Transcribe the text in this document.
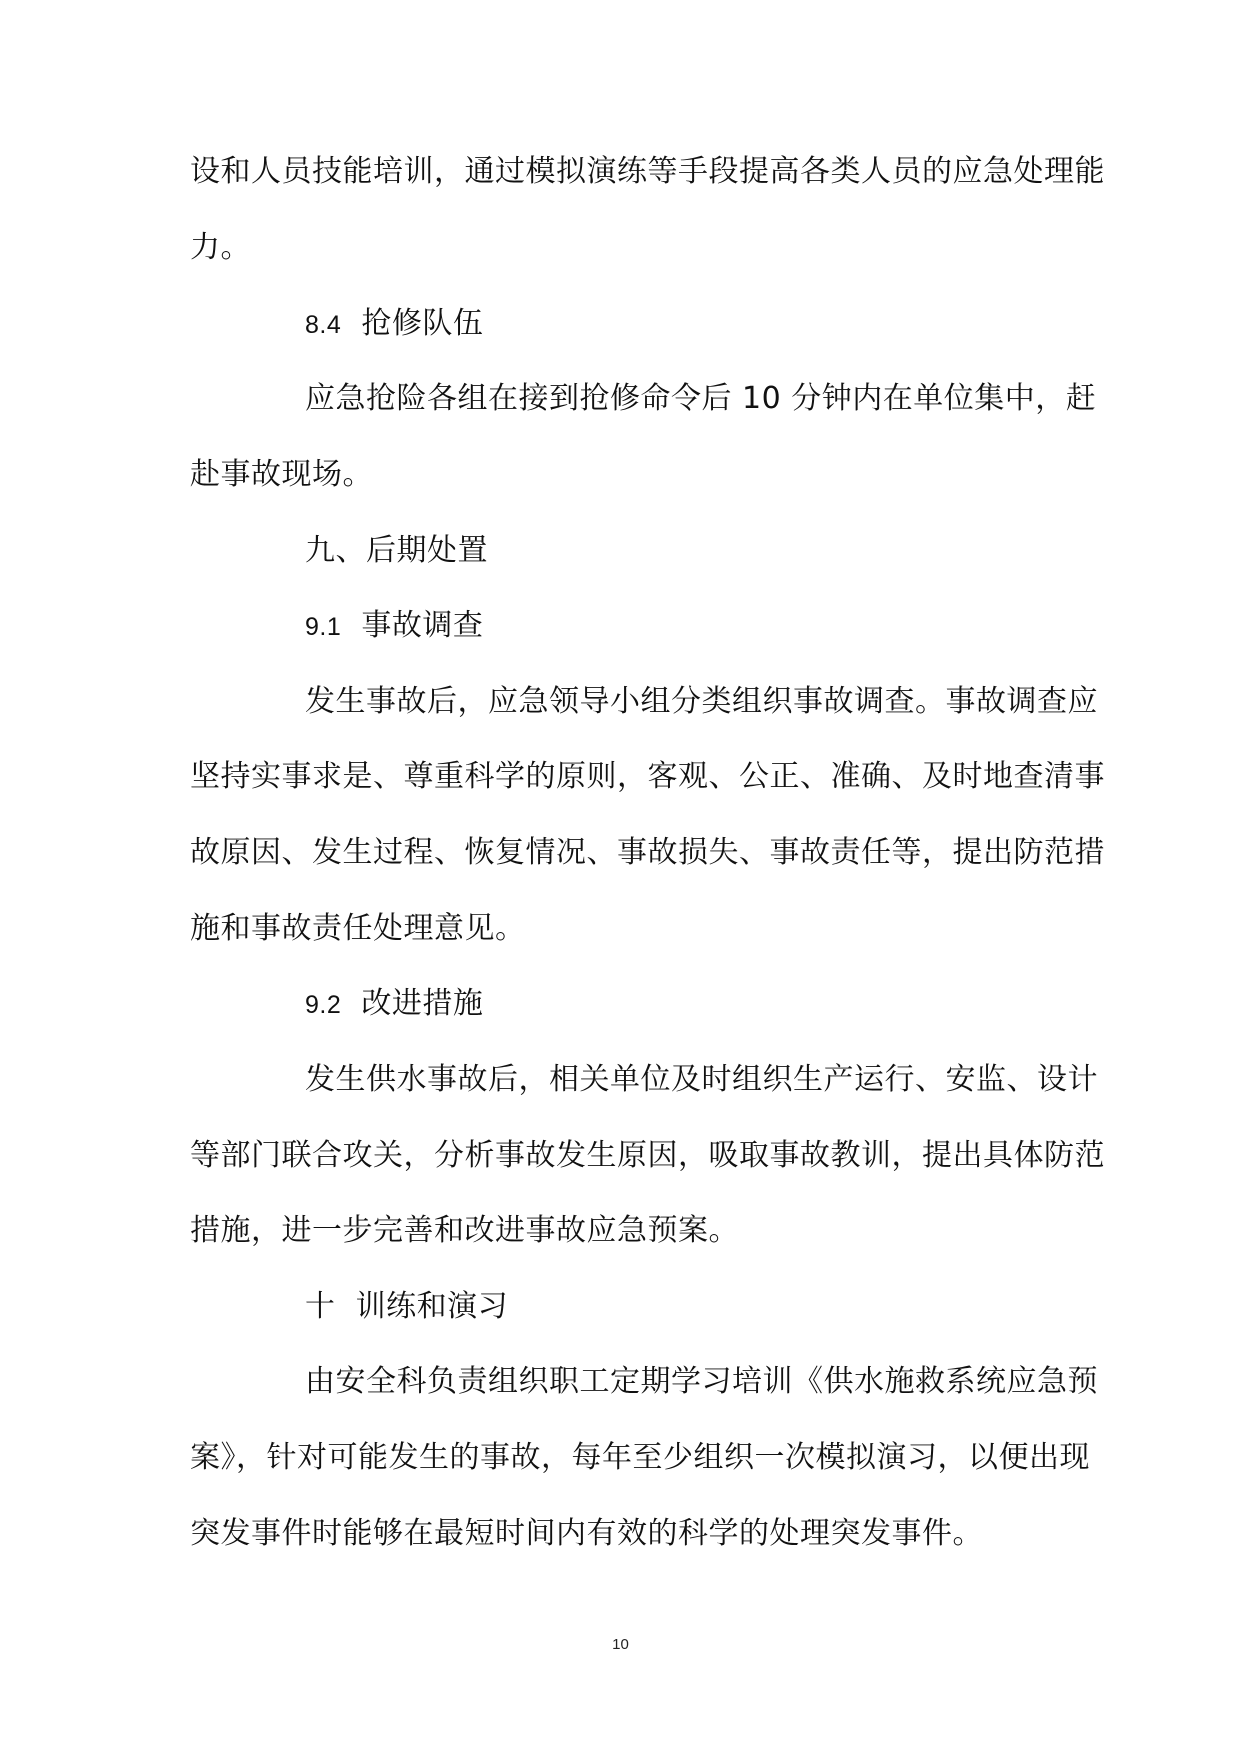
设和人员技能培训，通过模拟演练等手段提高各类人员的应急处理能
力。
8.4 抢修队伍
应急抢险各组在接到抢修命令后 10 分钟内在单位集中，赶
赴事故现场。
九、后期处置
9.1 事故调查
发生事故后，应急领导小组分类组织事故调查。事故调查应
坚持实事求是、尊重科学的原则，客观、公正、准确、及时地查清事
故原因、发生过程、恢复情况、事故损失、事故责任等，提出防范措
施和事故责任处理意见。
9.2 改进措施
发生供水事故后，相关单位及时组织生产运行、安监、设计
等部门联合攻关，分析事故发生原因，吸取事故教训，提出具体防范
措施，进一步完善和改进事故应急预案。
十  训练和演习
由安全科负责组织职工定期学习培训《供水施救系统应急预
案》，针对可能发生的事故，每年至少组织一次模拟演习，以便出现
突发事件时能够在最短时间内有效的科学的处理突发事件。
10
